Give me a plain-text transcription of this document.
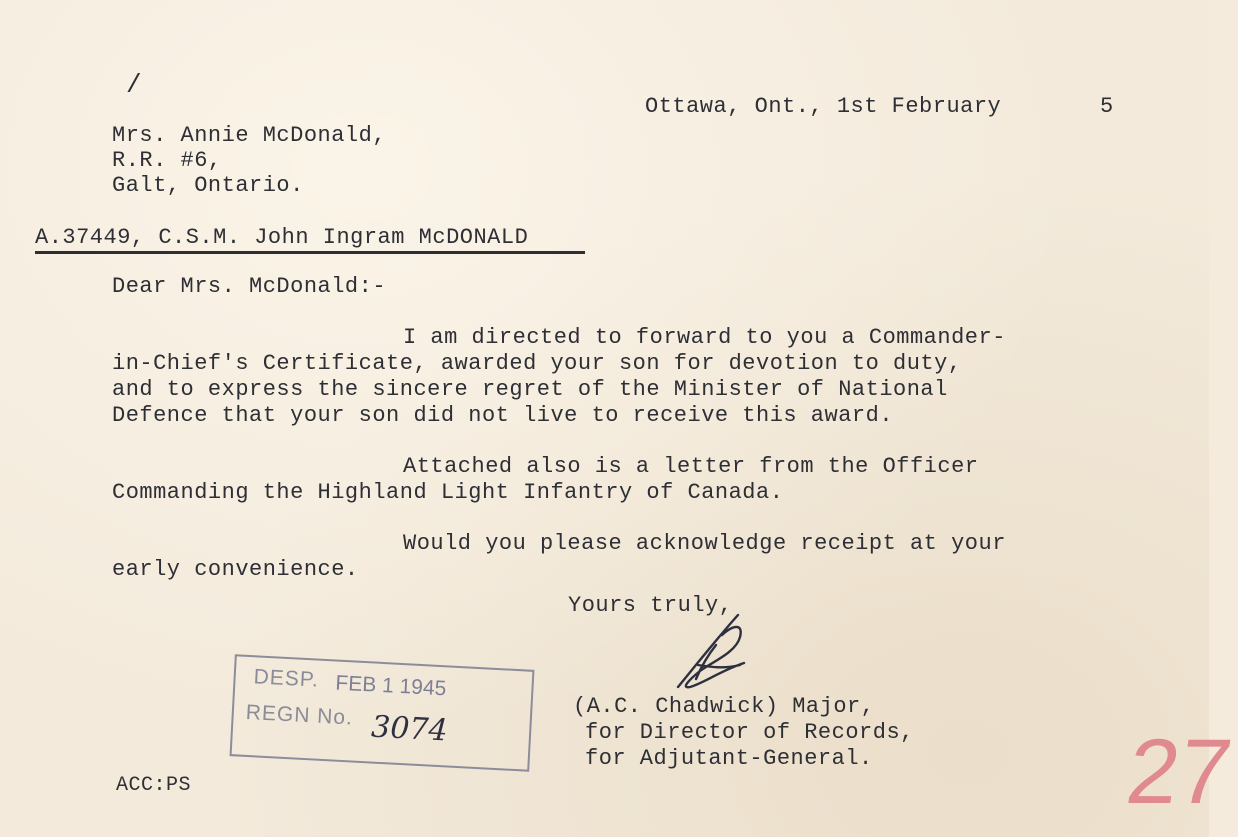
/
Ottawa, Ont., 1st February	5
Mrs. Annie McDonald,
R.R. #6,
Galt, Ontario.
A.37449, C.S.M. John Ingram McDONALD
Dear Mrs. McDonald:-
I am directed to forward to you a Commander-
in-Chief's Certificate, awarded your son for devotion to duty,
and to express the sincere regret of the Minister of National
Defence that your son did not live to receive this award.
Attached also is a letter from the Officer
Commanding the Highland Light Infantry of Canada.
Would you please acknowledge receipt at your
early convenience.
Yours truly,
(A.C. Chadwick) Major,
for Director of Records,
for Adjutant-General.
ACC:PS
DESP. FEB 1 1945
REGN No. 3074	27
